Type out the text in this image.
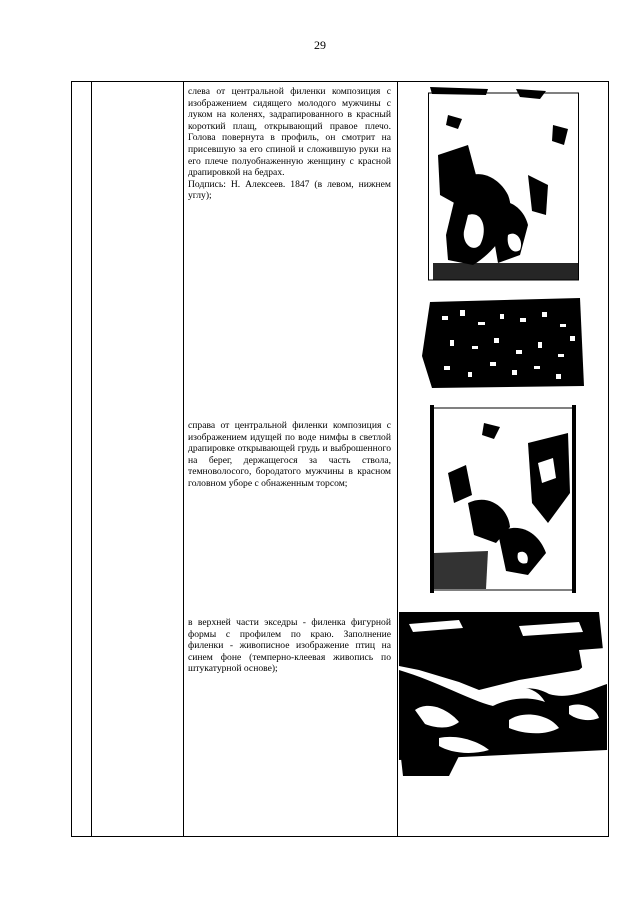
29

слева от центральной филенки композиция с изображением сидящего молодого мужчины с луком на коленях, задрапированного в красный короткий плащ, открывающий правое плечо. Голова повернута в профиль, он смотрит на присевшую за его спиной и сложившую руки на его плече полуобнаженную женщину с красной драпировкой на бедрах.

Подпись: Н. Алексеев. 1847 (в левом, нижнем углу);

справа от центральной филенки композиция с изображением идущей по воде нимфы в светлой драпировке открывающей грудь и выброшенного на берег, держащегося за часть ствола, темноволосого, бородатого мужчины в красном головном уборе с обнаженным торсом;

в верхней части экседры - филенка фигурной формы с профилем по краю. Заполнение филенки - живописное изображение птиц на синем фоне (темперно-клеевая живопись по штукатурной основе);
